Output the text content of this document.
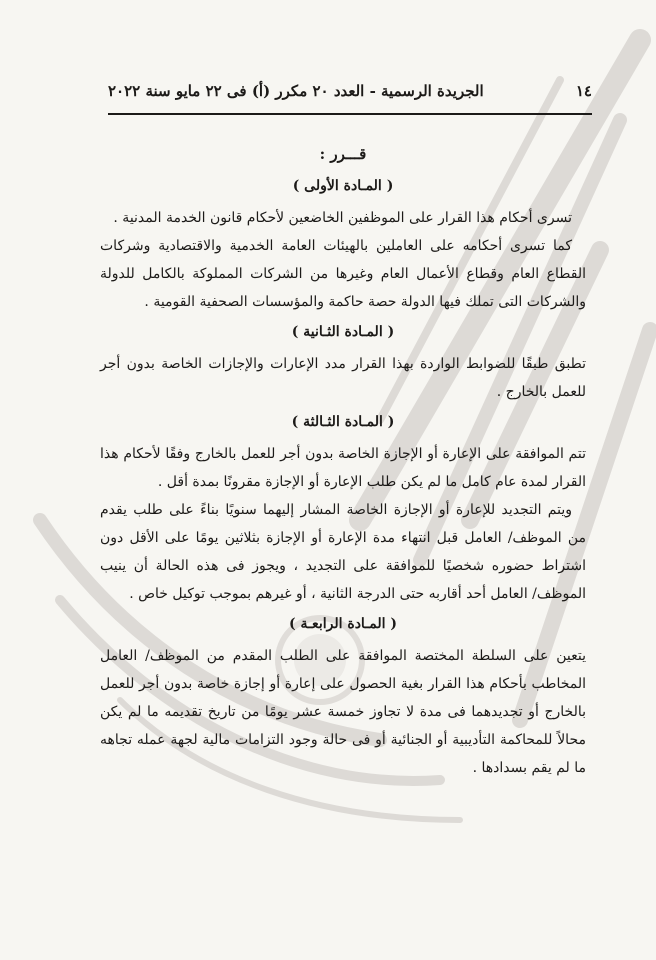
١٤
الجريدة الرسمية - العدد ٢٠ مكرر (أ) فى ٢٢ مايو سنة ٢٠٢٢
قـــرر :
( المـادة الأولى )

تسرى أحكام هذا القرار على الموظفين الخاضعين لأحكام قانون الخدمة المدنية .

كما تسرى أحكامه على العاملين بالهيئات العامة الخدمية والاقتصادية وشركات القطاع العام وقطاع الأعمال العام وغيرها من الشركات المملوكة بالكامل للدولة والشركات التى تملك فيها الدولة حصة حاكمة والمؤسسات الصحفية القومية .

( المـادة الثـانية )

تطبق طبقًا للضوابط الواردة بهذا القرار مدد الإعارات والإجازات الخاصة بدون أجر للعمل بالخارج .

( المـادة الثـالثة )

تتم الموافقة على الإعارة أو الإجازة الخاصة بدون أجر للعمل بالخارج وفقًا لأحكام هذا القرار لمدة عام كامل ما لم يكن طلب الإعارة أو الإجازة مقرونًا بمدة أقل .

ويتم التجديد للإعارة أو الإجازة الخاصة المشار إليهما سنويًا بناءً على طلب يقدم من الموظف/ العامل قبل انتهاء مدة الإعارة أو الإجازة بثلاثين يومًا على الأقل دون اشتراط حضوره شخصيًا للموافقة على التجديد ، ويجوز فى هذه الحالة أن ينيب الموظف/ العامل أحد أقاربه حتى الدرجة الثانية ، أو غيرهم بموجب توكيل خاص .

( المـادة الرابعـة )

يتعين على السلطة المختصة الموافقة على الطلب المقدم من الموظف/ العامل المخاطب بأحكام هذا القرار بغية الحصول على إعارة أو إجازة خاصة بدون أجر للعمل بالخارج أو تجديدهما فى مدة لا تجاوز خمسة عشر يومًا من تاريخ تقديمه ما لم يكن محالاً للمحاكمة التأديبية أو الجنائية أو فى حالة وجود التزامات مالية لجهة عمله تجاهه ما لم يقم بسدادها .
